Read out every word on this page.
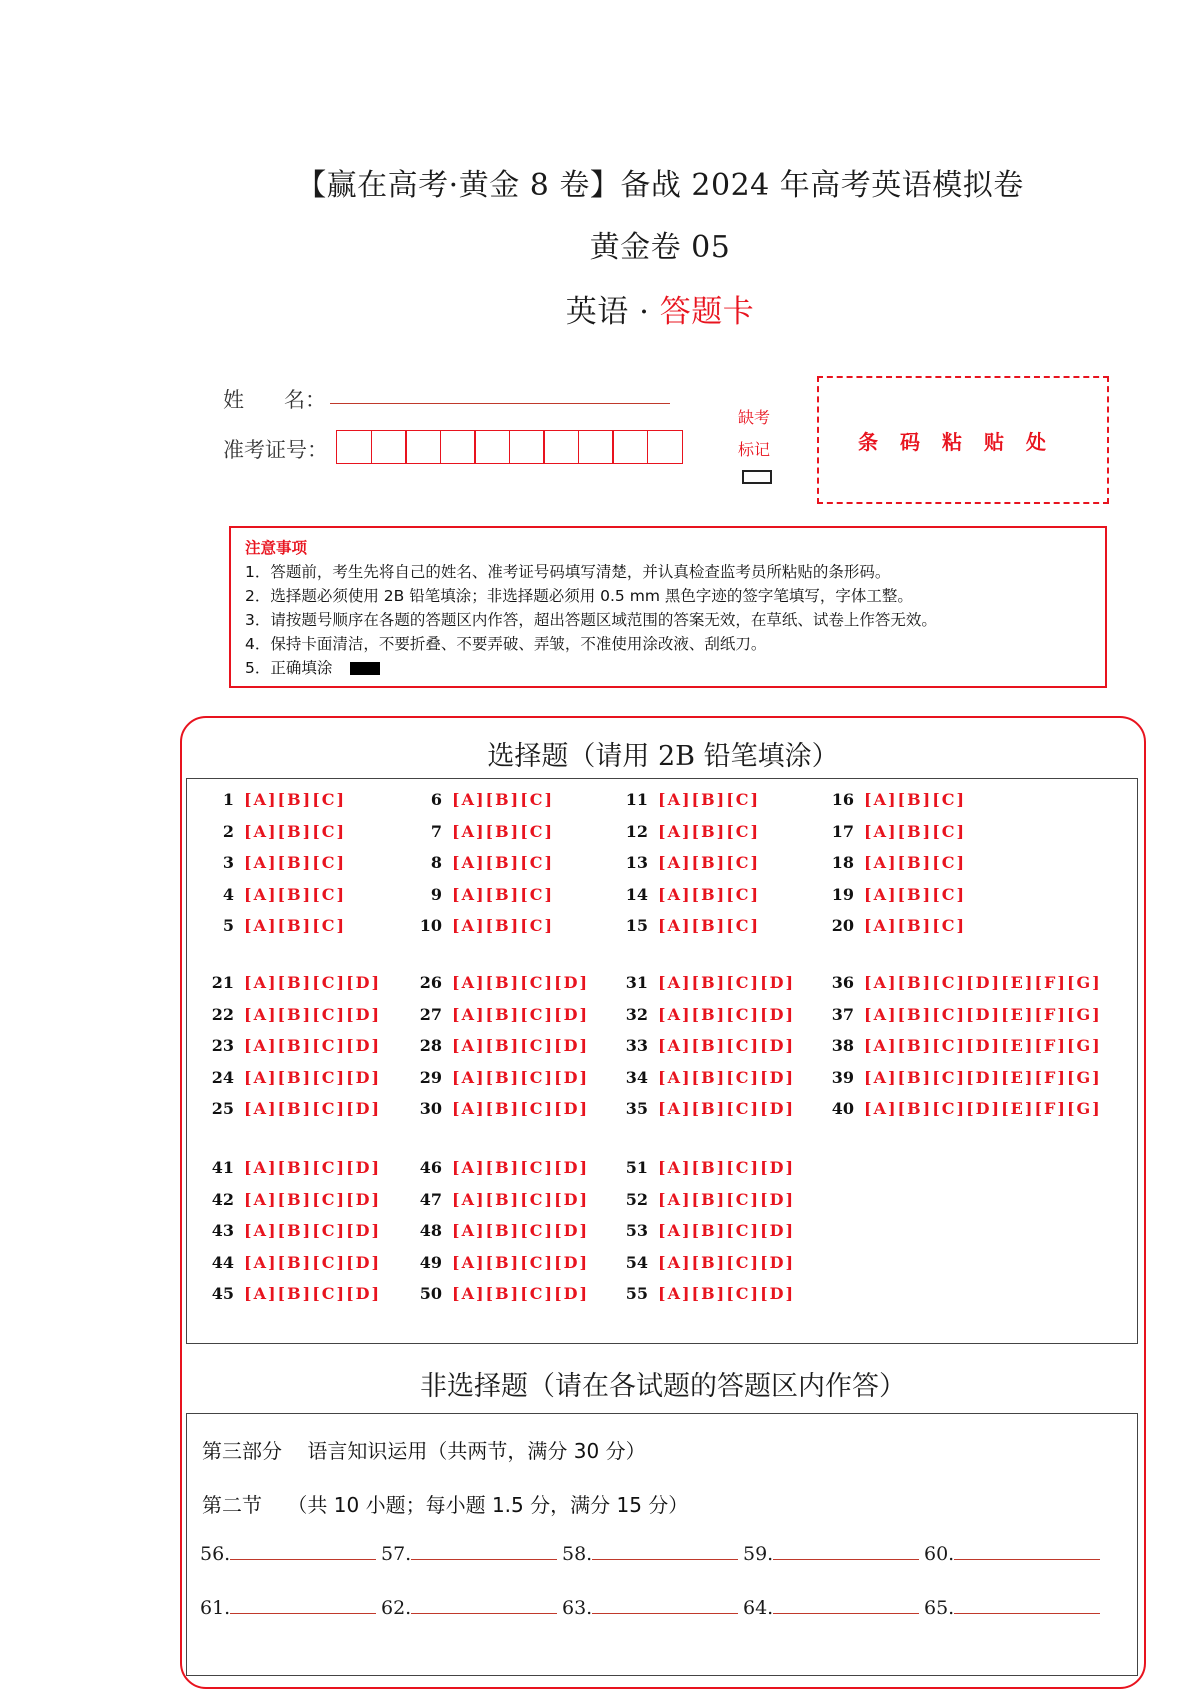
【赢在高考·黄金 8 卷】备战 2024 年高考英语模拟卷
黄金卷 05
英语 · 答题卡
姓      名：
准考证号：
缺考
标记	条码粘贴处
注意事项
1．答题前，考生先将自己的姓名、准考证号码填写清楚，并认真检查监考员所粘贴的条形码。
2．选择题必须使用 2B 铅笔填涂；非选择题必须用 0.5 mm 黑色字迹的签字笔填写，字体工整。
3．请按题号顺序在各题的答题区内作答，超出答题区域范围的答案无效，在草纸、试卷上作答无效。
4．保持卡面清洁，不要折叠、不要弄破、弄皱，不准使用涂改液、刮纸刀。
5．正确填涂
选择题（请用 2B 铅笔填涂）
1 [A][B][C]
2 [A][B][C]
3 [A][B][C]
4 [A][B][C]
5 [A][B][C]
6 [A][B][C]
7 [A][B][C]
8 [A][B][C]
9 [A][B][C]
10 [A][B][C]
11 [A][B][C]
12 [A][B][C]
13 [A][B][C]
14 [A][B][C]
15 [A][B][C]
16 [A][B][C]
17 [A][B][C]
18 [A][B][C]
19 [A][B][C]
20 [A][B][C]
21 [A][B][C][D]
22 [A][B][C][D]
23 [A][B][C][D]
24 [A][B][C][D]
25 [A][B][C][D]
26 [A][B][C][D]
27 [A][B][C][D]
28 [A][B][C][D]
29 [A][B][C][D]
30 [A][B][C][D]
31 [A][B][C][D]
32 [A][B][C][D]
33 [A][B][C][D]
34 [A][B][C][D]
35 [A][B][C][D]
36 [A][B][C][D][E][F][G]
37 [A][B][C][D][E][F][G]
38 [A][B][C][D][E][F][G]
39 [A][B][C][D][E][F][G]
40 [A][B][C][D][E][F][G]
41 [A][B][C][D]
42 [A][B][C][D]
43 [A][B][C][D]
44 [A][B][C][D]
45 [A][B][C][D]
46 [A][B][C][D]
47 [A][B][C][D]
48 [A][B][C][D]
49 [A][B][C][D]
50 [A][B][C][D]
51 [A][B][C][D]
52 [A][B][C][D]
53 [A][B][C][D]
54 [A][B][C][D]
55 [A][B][C][D]
非选择题（请在各试题的答题区内作答）
第三部分    语言知识运用（共两节，满分 30 分）
第二节    （共 10 小题；每小题 1.5 分，满分 15 分）
56.	57.	58.	59.	60.
61.	62.	63.	64.	65.
